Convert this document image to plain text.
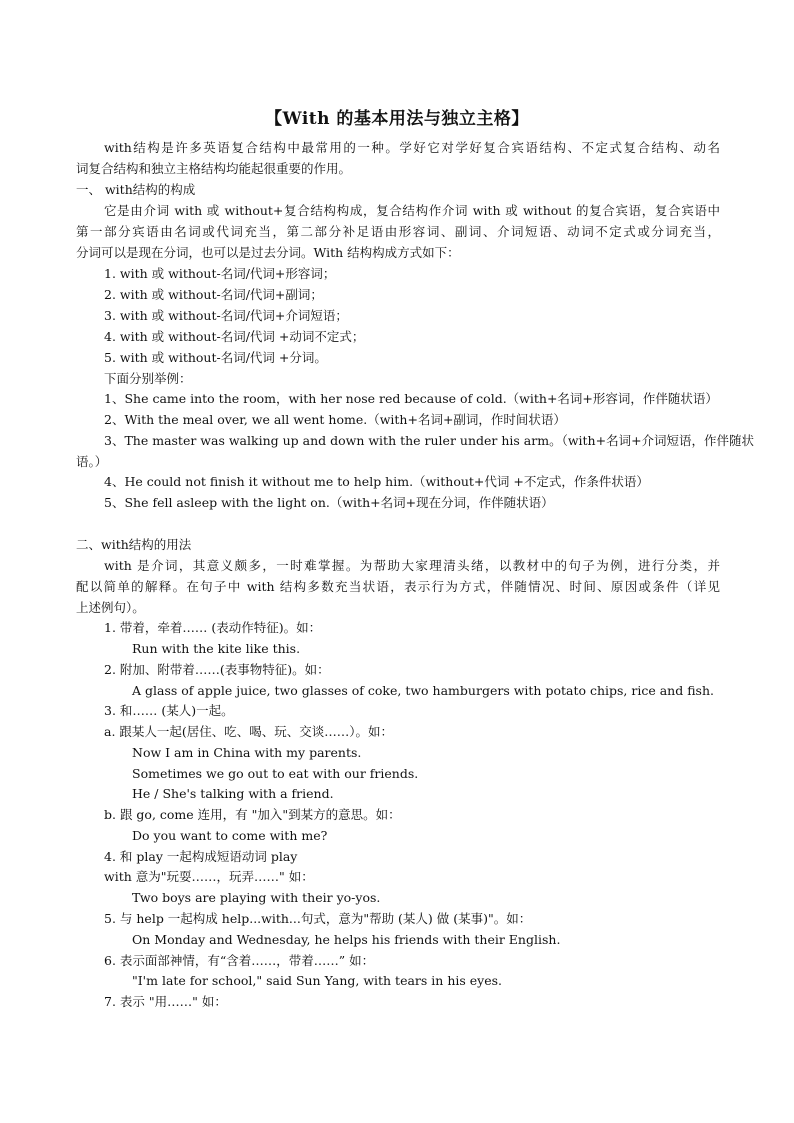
【With 的基本用法与独立主格】
with结构是许多英语复合结构中最常用的一种。学好它对学好复合宾语结构、不定式复合结构、动名
词复合结构和独立主格结构均能起很重要的作用。
一、 with结构的构成
它是由介词 with 或 without+复合结构构成，复合结构作介词 with 或 without 的复合宾语，复合宾语中
第一部分宾语由名词或代词充当，第二部分补足语由形容词、副词、介词短语、动词不定式或分词充当，
分词可以是现在分词，也可以是过去分词。With 结构构成方式如下：
1. with 或 without-名词/代词+形容词；
2. with 或 without-名词/代词+副词；
3. with 或 without-名词/代词+介词短语；
4. with 或 without-名词/代词 +动词不定式；
5. with 或 without-名词/代词 +分词。
下面分别举例：
1、She came into the room，with her nose red because of cold.（with+名词+形容词，作伴随状语）
2、With the meal over, we all went home.（with+名词+副词，作时间状语）
3、The master was walking up and down with the ruler under his arm。（with+名词+介词短语，作伴随状
语。）
4、He could not finish it without me to help him.（without+代词 +不定式，作条件状语）
5、She fell asleep with the light on.（with+名词+现在分词，作伴随状语）
二、with结构的用法
with 是介词，其意义颇多，一时难掌握。为帮助大家理清头绪，以教材中的句子为例，进行分类，并
配以简单的解释。在句子中 with 结构多数充当状语，表示行为方式，伴随情况、时间、原因或条件（详见
上述例句）。
1. 带着，牵着…… (表动作特征)。如：
Run with the kite like this.
2. 附加、附带着……(表事物特征)。如：
A glass of apple juice, two glasses of coke, two hamburgers with potato chips, rice and fish.
3. 和…… (某人)一起。
a. 跟某人一起(居住、吃、喝、玩、交谈……）。如：
Now I am in China with my parents.
Sometimes we go out to eat with our friends.
He / She's talking with a friend.
b. 跟 go, come 连用，有 "加入"到某方的意思。如：
Do you want to come with me?
4. 和 play 一起构成短语动词 play
with 意为"玩耍……，玩弄……" 如：
Two boys are playing with their yo-yos.
5. 与 help 一起构成 help...with...句式，意为"帮助 (某人) 做 (某事)"。如：
On Monday and Wednesday, he helps his friends with their English.
6. 表示面部神情，有“含着……，带着……” 如：
"I'm late for school," said Sun Yang, with tears in his eyes.
7. 表示 "用……" 如：
